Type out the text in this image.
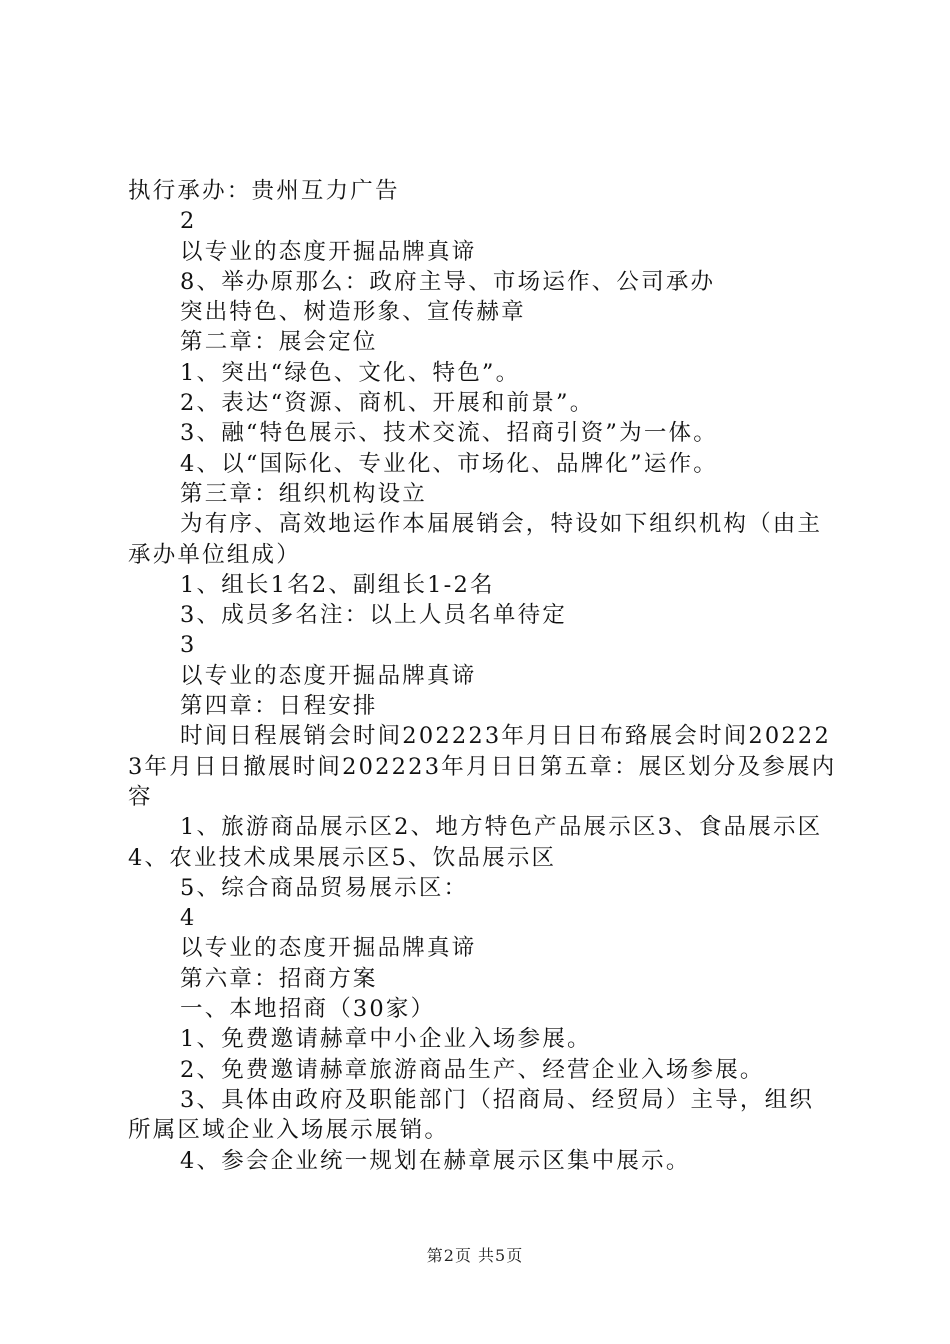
执行承办：贵州互力广告

2

以专业的态度开掘品牌真谛

8、举办原那么：政府主导、市场运作、公司承办

突出特色、树造形象、宣传赫章

第二章：展会定位

1、突出“绿色、文化、特色”。

2、表达“资源、商机、开展和前景”。

3、融“特色展示、技术交流、招商引资”为一体。

4、以“国际化、专业化、市场化、品牌化”运作。

第三章：组织机构设立

为有序、高效地运作本届展销会，特设如下组织机构（由主承办单位组成）

1、组长1名2、副组长1-2名

3、成员多名注：以上人员名单待定

3

以专业的态度开掘品牌真谛

第四章：日程安排

时间日程展销会时间202223年月日日布臵展会时间202223年月日日撤展时间202223年月日日第五章：展区划分及参展内容

1、旅游商品展示区2、地方特色产品展示区3、食品展示区4、农业技术成果展示区5、饮品展示区

5、综合商品贸易展示区：

4

以专业的态度开掘品牌真谛

第六章：招商方案

一、本地招商（30家）

1、免费邀请赫章中小企业入场参展。

2、免费邀请赫章旅游商品生产、经营企业入场参展。

3、具体由政府及职能部门（招商局、经贸局）主导，组织所属区域企业入场展示展销。

4、参会企业统一规划在赫章展示区集中展示。

第2页 共5页
